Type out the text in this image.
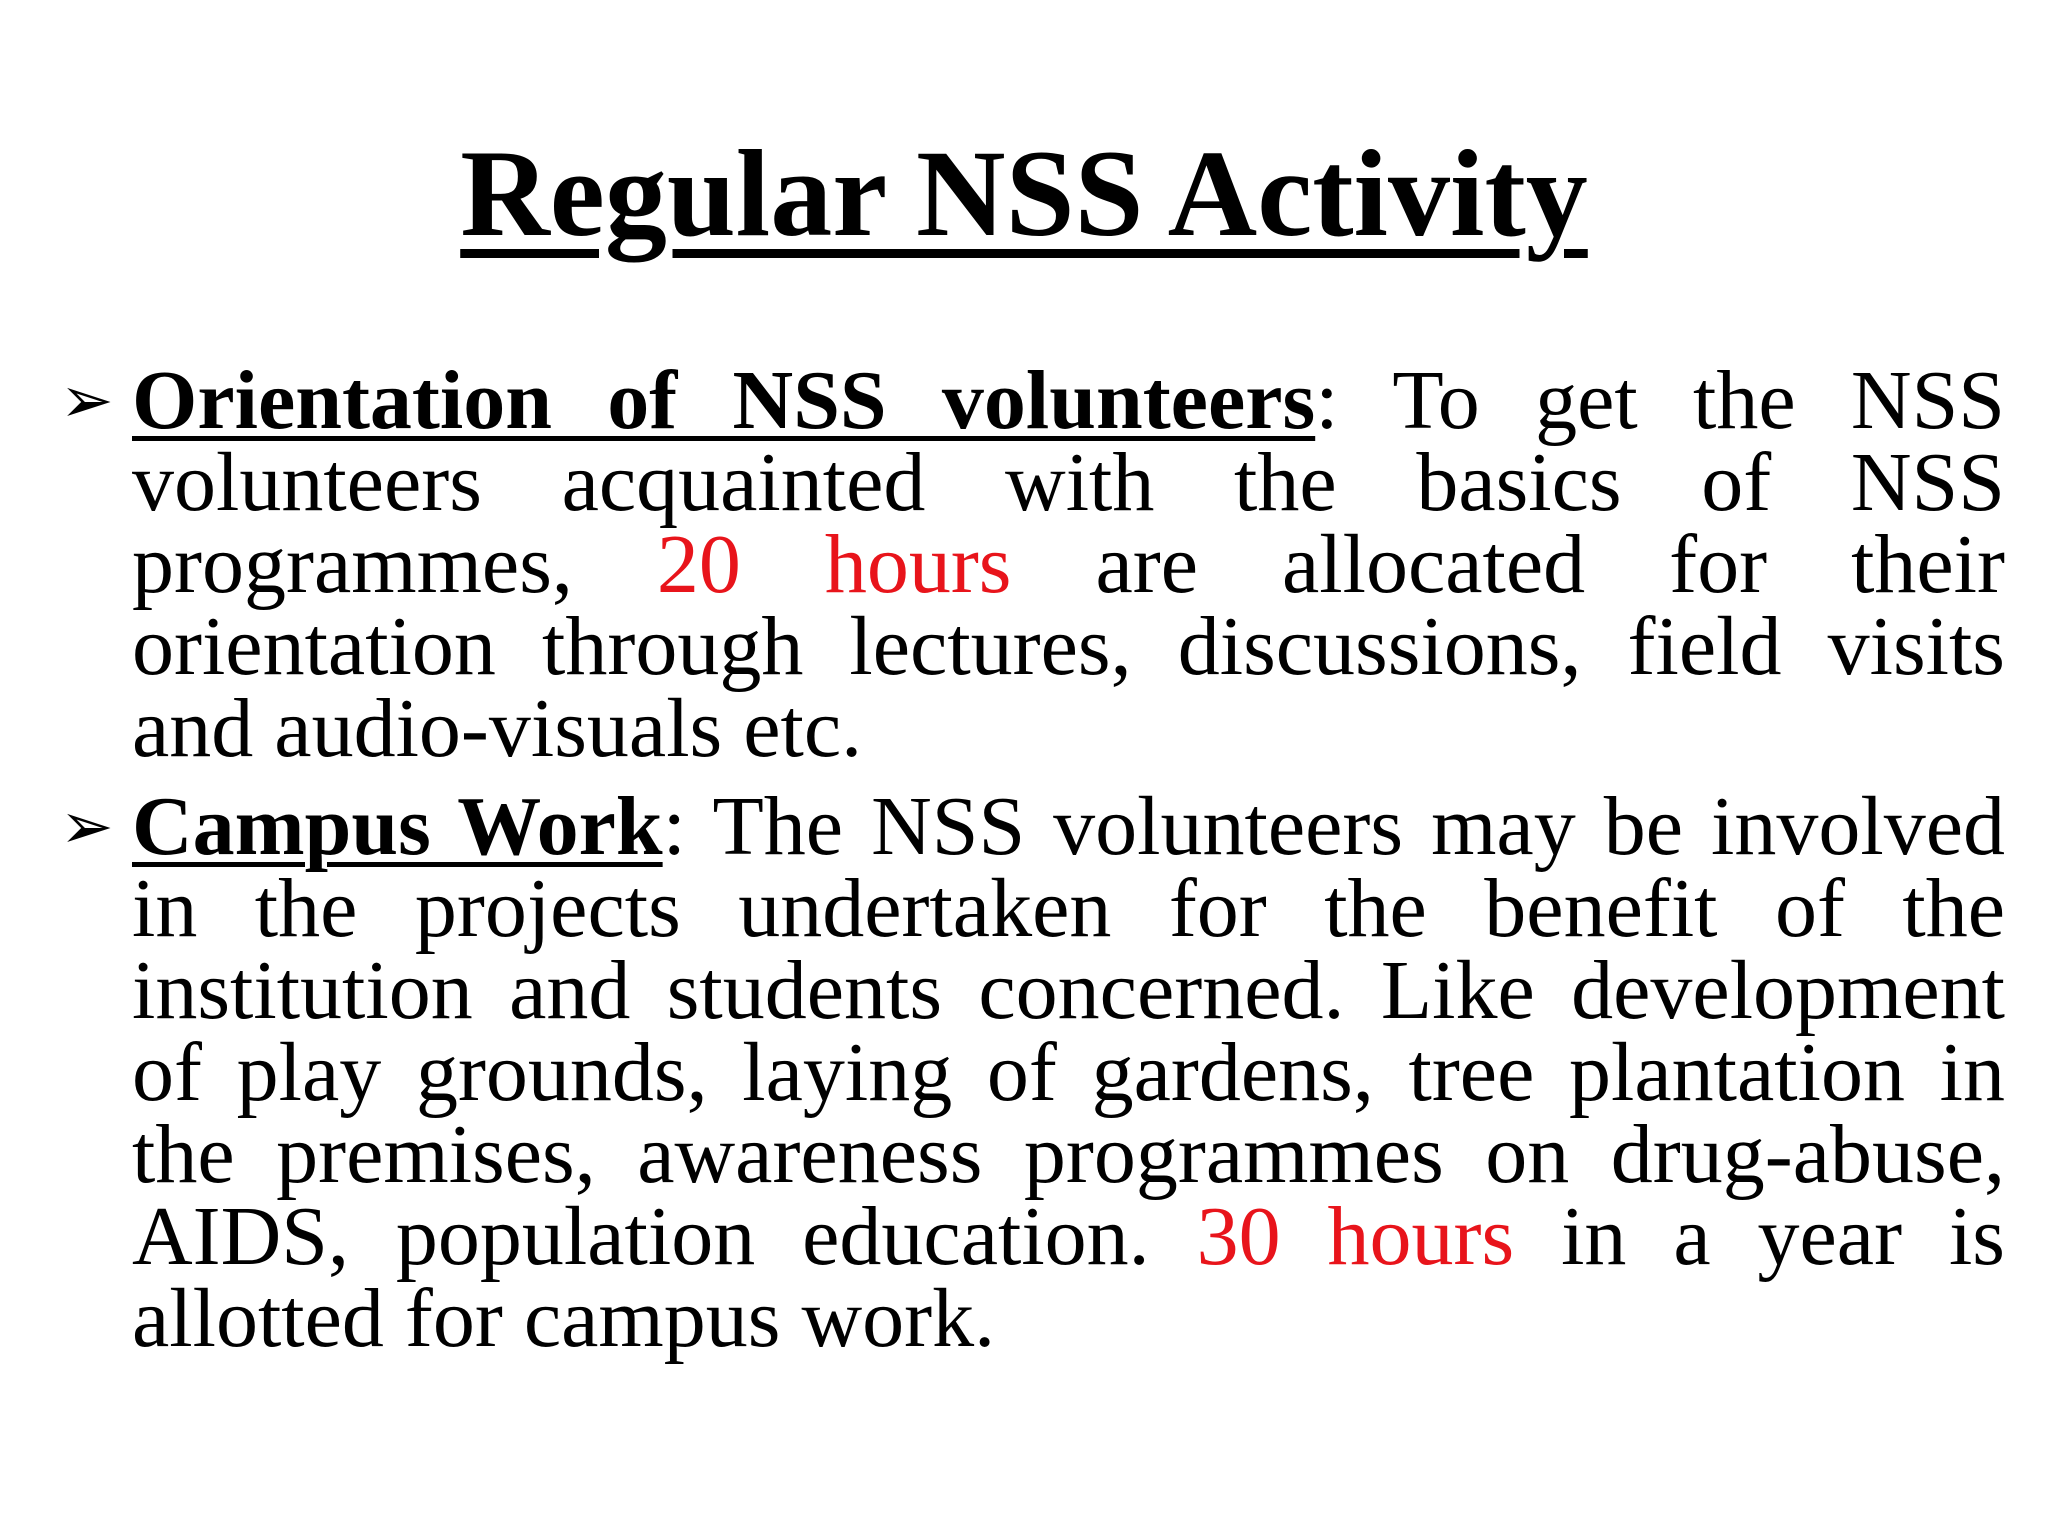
Regular NSS Activity
➢ Orientation of NSS volunteers: To get the NSS volunteers acquainted with the basics of NSS programmes, 20 hours are allocated for their orientation through lectures, discussions, field visits and audio-visuals etc.
➢ Campus Work: The NSS volunteers may be involved in the projects undertaken for the benefit of the institution and students concerned. Like development of play grounds, laying of gardens, tree plantation in the premises, awareness programmes on drug-abuse, AIDS, population education. 30 hours in a year is allotted for campus work.
